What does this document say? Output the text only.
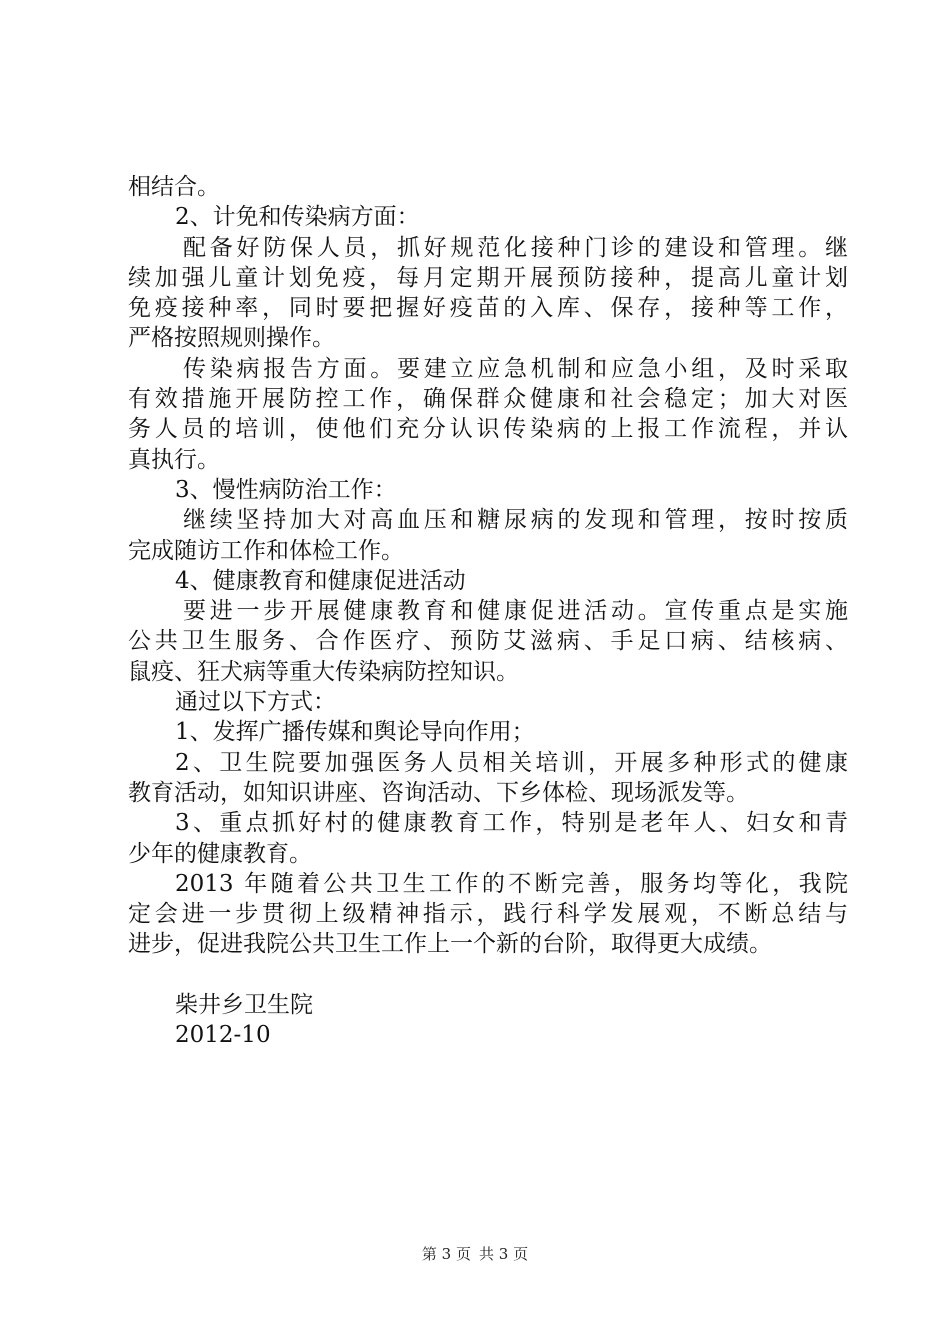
相结合。
2、计免和传染病方面：
配备好防保人员，抓好规范化接种门诊的建设和管理。继
续加强儿童计划免疫，每月定期开展预防接种，提高儿童计划
免疫接种率，同时要把握好疫苗的入库、保存，接种等工作，
严格按照规则操作。
传染病报告方面。要建立应急机制和应急小组，及时采取
有效措施开展防控工作，确保群众健康和社会稳定；加大对医
务人员的培训，使他们充分认识传染病的上报工作流程，并认
真执行。
3、慢性病防治工作：
继续坚持加大对高血压和糖尿病的发现和管理，按时按质
完成随访工作和体检工作。
4、健康教育和健康促进活动
要进一步开展健康教育和健康促进活动。宣传重点是实施
公共卫生服务、合作医疗、预防艾滋病、手足口病、结核病、
鼠疫、狂犬病等重大传染病防控知识。
通过以下方式：
1、发挥广播传媒和舆论导向作用；
2、卫生院要加强医务人员相关培训，开展多种形式的健康
教育活动，如知识讲座、咨询活动、下乡体检、现场派发等。
3、重点抓好村的健康教育工作，特别是老年人、妇女和青
少年的健康教育。
2013 年随着公共卫生工作的不断完善，服务均等化，我院
定会进一步贯彻上级精神指示，践行科学发展观，不断总结与
进步，促进我院公共卫生工作上一个新的台阶，取得更大成绩。
柴井乡卫生院
2012-10
第 3 页 共 3 页
